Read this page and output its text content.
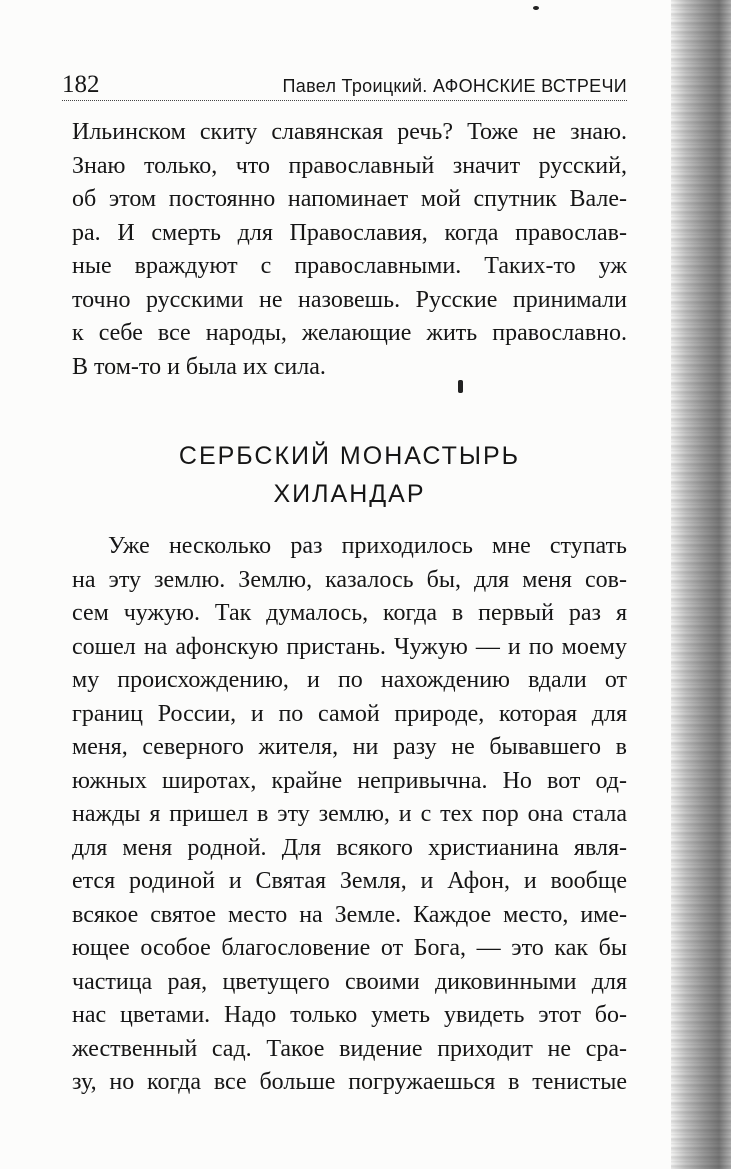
182	Павел Троицкий. АФОНСКИЕ ВСТРЕЧИ
Ильинском скиту славянская речь? Тоже не знаю.
Знаю только, что православный значит русский,
об этом постоянно напоминает мой спутник Вале-
ра. И смерть для Православия, когда православ-
ные враждуют с православными. Таких-то уж
точно русскими не назовешь. Русские принимали
к себе все народы, желающие жить православно.
В том-то и была их сила.
СЕРБСКИЙ МОНАСТЫРЬ
ХИЛАНДАР
Уже несколько раз приходилось мне ступать
на эту землю. Землю, казалось бы, для меня сов-
сем чужую. Так думалось, когда в первый раз я
сошел на афонскую пристань. Чужую — и по моему
му происхождению, и по нахождению вдали от
границ России, и по самой природе, которая для
меня, северного жителя, ни разу не бывавшего в
южных широтах, крайне непривычна. Но вот од-
нажды я пришел в эту землю, и с тех пор она стала
для меня родной. Для всякого христианина явля-
ется родиной и Святая Земля, и Афон, и вообще
всякое святое место на Земле. Каждое место, име-
ющее особое благословение от Бога, — это как бы
частица рая, цветущего своими диковинными для
нас цветами. Надо только уметь увидеть этот бо-
жественный сад. Такое видение приходит не сра-
зу, но когда все больше погружаешься в тенистые
